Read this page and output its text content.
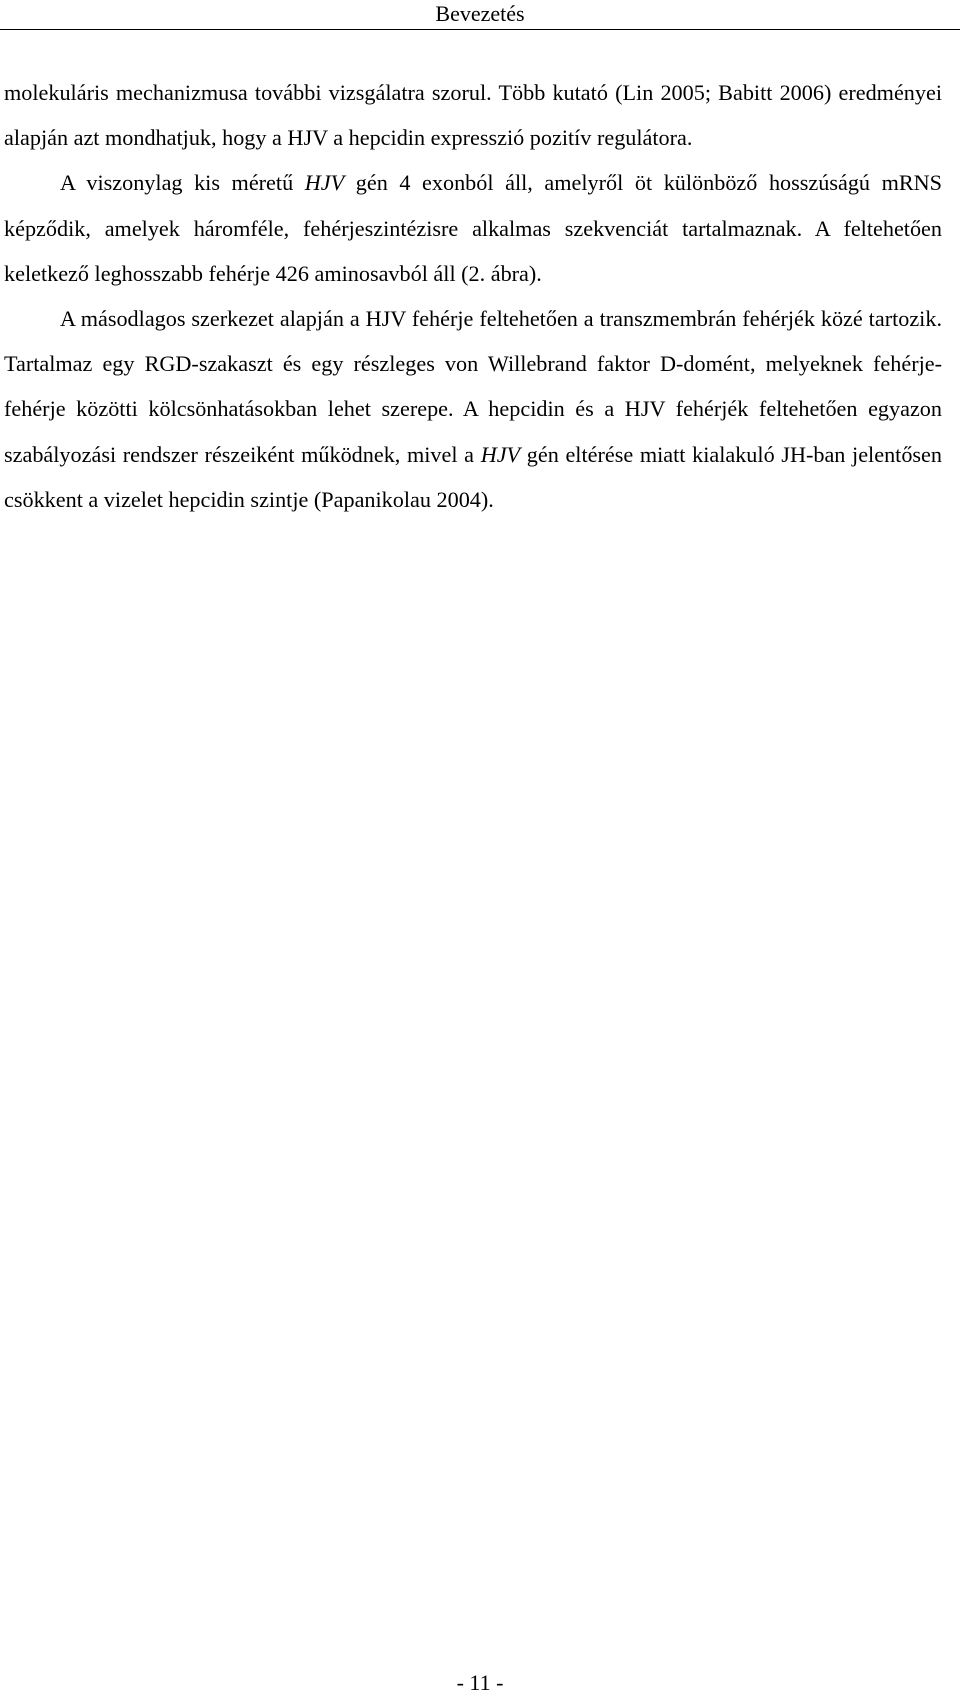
Bevezetés

molekuláris mechanizmusa további vizsgálatra szorul. Több kutató (Lin 2005; Babitt 2006) eredményei alapján azt mondhatjuk, hogy a HJV a hepcidin expresszió pozitív regulátora.

A viszonylag kis méretű HJV gén 4 exonból áll, amelyről öt különböző hosszúságú mRNS képződik, amelyek háromféle, fehérjeszintézisre alkalmas szekvenciát tartalmaznak. A feltehetően keletkező leghosszabb fehérje 426 aminosavból áll (2. ábra).

A másodlagos szerkezet alapján a HJV fehérje feltehetően a transzmembrán fehérjék közé tartozik. Tartalmaz egy RGD-szakaszt és egy részleges von Willebrand faktor D-domént, melyeknek fehérje-fehérje közötti kölcsönhatásokban lehet szerepe. A hepcidin és a HJV fehérjék feltehetően egyazon szabályozási rendszer részeiként működnek, mivel a HJV gén eltérése miatt kialakuló JH-ban jelentősen csökkent a vizelet hepcidin szintje (Papanikolau 2004).

- 11 -
